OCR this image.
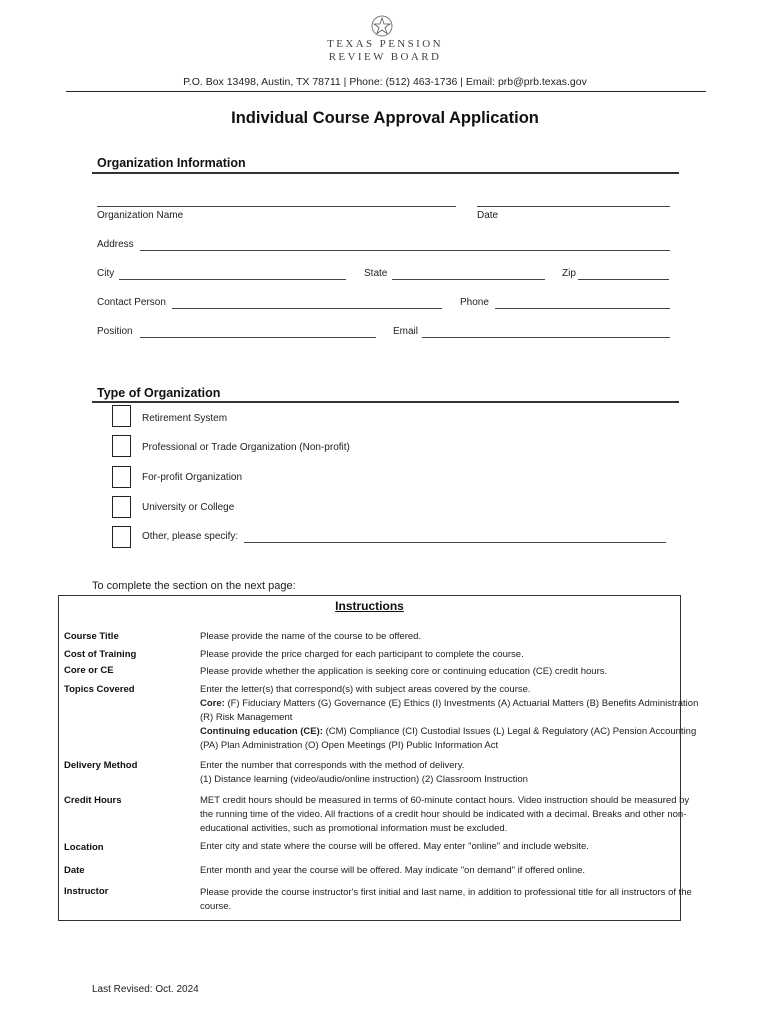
TEXAS PENSION
REVIEW BOARD
P.O. Box 13498, Austin, TX 78711 | Phone: (512) 463-1736 | Email: prb@prb.texas.gov
Individual Course Approval Application
Organization Information
Organization Name	Date
Address
City	State	Zip
Contact Person	Phone
Position	Email
Type of Organization
Retirement System
Professional or Trade Organization (Non-profit)
For-profit Organization
University or College
Other, please specify:
To complete the section on the next page:
Instructions
Course Title	Please provide the name of the course to be offered.
Cost of Training	Please provide the price charged for each participant to complete the course.
Core or CE	Please provide whether the application is seeking core or continuing education (CE) credit hours.
Topics Covered	Enter the letter(s) that correspond(s) with subject areas covered by the course.
Core: (F) Fiduciary Matters (G) Governance (E) Ethics (I) Investments (A) Actuarial Matters (B) Benefits Administration (R) Risk Management
Continuing education (CE): (CM) Compliance (CI) Custodial Issues (L) Legal & Regulatory (AC) Pension Accounting (PA) Plan Administration (O) Open Meetings (PI) Public Information Act
Delivery Method	Enter the number that corresponds with the method of delivery.
(1) Distance learning (video/audio/online instruction) (2) Classroom Instruction
Credit Hours	MET credit hours should be measured in terms of 60-minute contact hours. Video instruction should be measured by the running time of the video. All fractions of a credit hour should be indicated with a decimal. Breaks and other non-educational activities, such as promotional information must be excluded.
Location	Enter city and state where the course will be offered. May enter "online" and include website.
Date	Enter month and year the course will be offered. May indicate "on demand" if offered online.
Instructor	Please provide the course instructor's first initial and last name, in addition to professional title for all instructors of the course.
Last Revised: Oct. 2024
